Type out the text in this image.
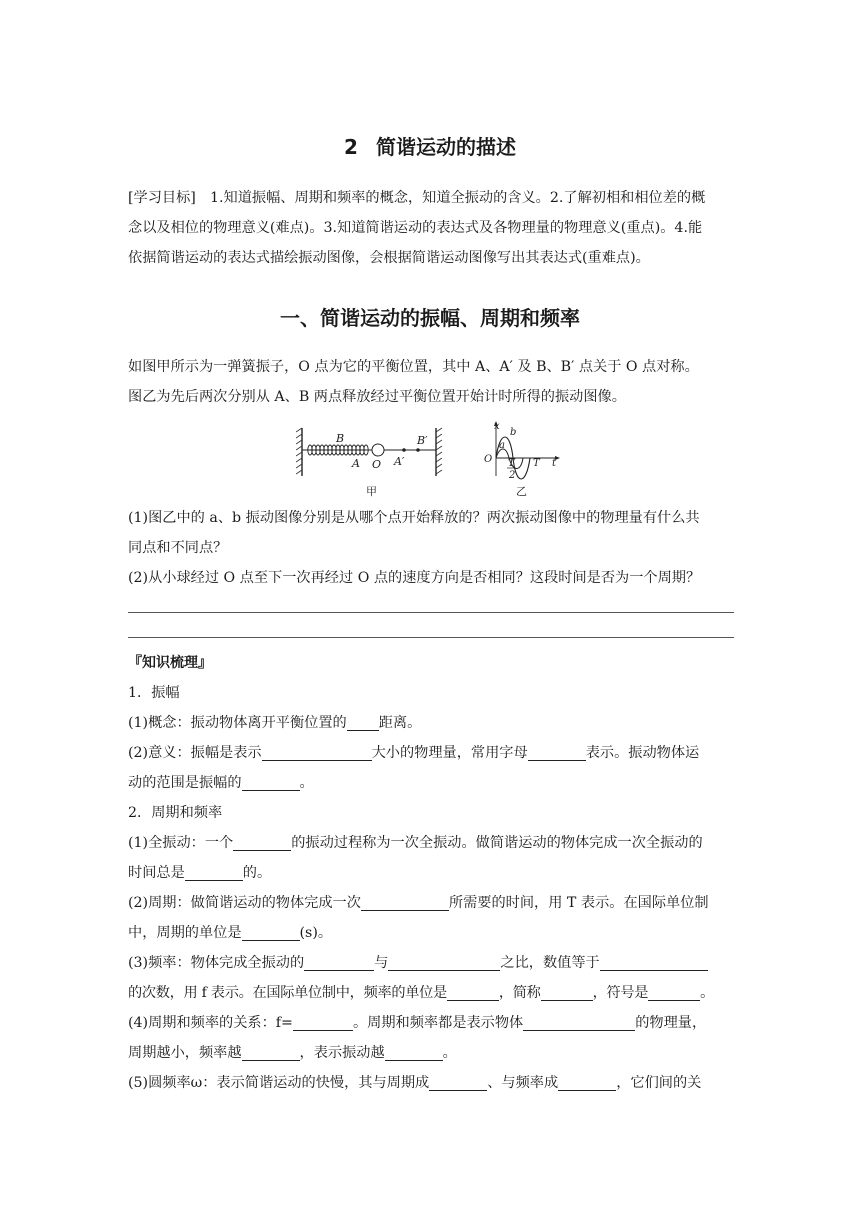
2 简谐运动的描述
[学习目标]　1.知道振幅、周期和频率的概念，知道全振动的含义。2.了解初相和相位差的概
念以及相位的物理意义(难点)。3.知道简谐运动的表达式及各物理量的物理意义(重点)。4.能
依据简谐运动的表达式描绘振动图像，会根据简谐运动图像写出其表达式(重难点)。
一、简谐运动的振幅、周期和频率
如图甲所示为一弹簧振子，O 点为它的平衡位置，其中 A、A′ 及 B、B′ 点关于 O 点对称。
图乙为先后两次分别从 A、B 两点释放经过平衡位置开始计时所得的振动图像。
B
A O A′
B′
甲
x
b
a
O T
2
T t
乙
(1)图乙中的 a、b 振动图像分别是从哪个点开始释放的？两次振动图像中的物理量有什么共
同点和不同点？
(2)从小球经过 O 点至下一次再经过 O 点的速度方向是否相同？这段时间是否为一个周期？
『知识梳理』
1．振幅
(1)概念：振动物体离开平衡位置的 距离。
(2)意义：振幅是表示	大小的物理量，常用字母	表示。振动物体运
动的范围是振幅的	。
2．周期和频率
(1)全振动：一个	的振动过程称为一次全振动。做简谐运动的物体完成一次全振动的
时间总是	的。
(2)周期：做简谐运动的物体完成一次	所需要的时间，用 T 表示。在国际单位制
中，周期的单位是	(s)。
(3)频率：物体完成全振动的	与	之比，数值等于
的次数，用 f 表示。在国际单位制中，频率的单位是	，简称	，符号是	。
(4)周期和频率的关系：f=	。周期和频率都是表示物体	的物理量，
周期越小，频率越	，表示振动越	。
(5)圆频率ω：表示简谐运动的快慢，其与周期成	、与频率成	，它们间的关
